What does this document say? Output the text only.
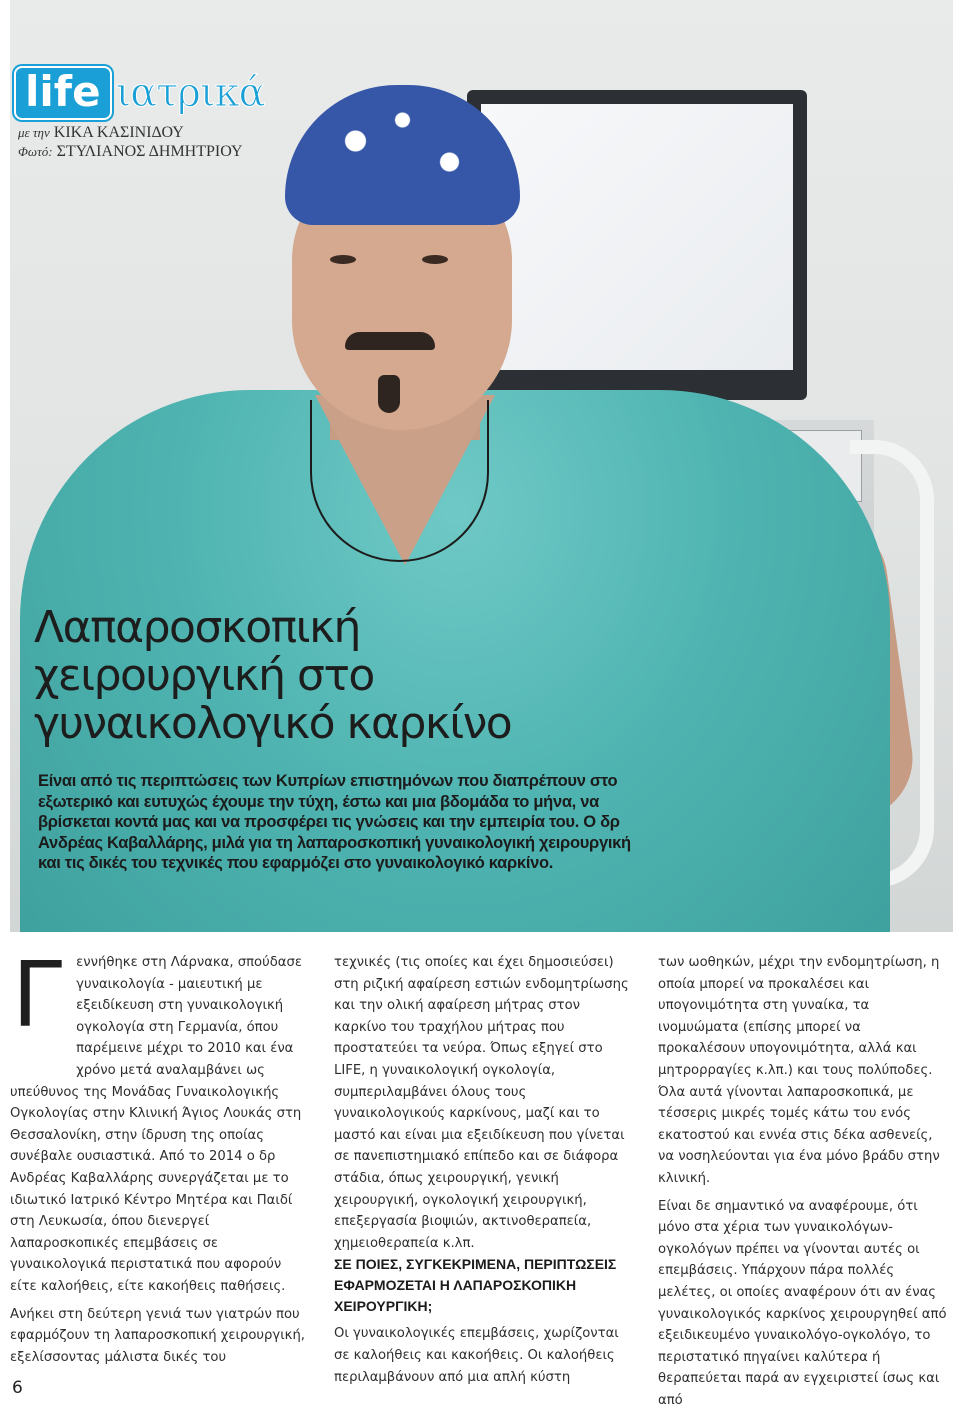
life ιατρικά
με την ΚΙΚΑ ΚΑΣΙΝΙΔΟΥ
Φωτό: ΣΤΥΛΙΑΝΟΣ ΔΗΜΗΤΡΙΟΥ
Λαπαροσκοπική
χειρουργική στο
γυναικολογικό καρκίνο
Είναι από τις περιπτώσεις των Κυπρίων επιστημόνων που διαπρέπουν στο εξωτερικό και ευτυχώς έχουμε την τύχη, έστω και μια βδομάδα το μήνα, να βρίσκεται κοντά μας και να προσφέρει τις γνώσεις και την εμπειρία του. Ο δρ Ανδρέας Καβαλλάρης, μιλά για τη λαπαροσκοπική γυναικολογική χειρουργική και τις δικές του τεχνικές που εφαρμόζει στο γυναικολογικό καρκίνο.

Γ εννήθηκε στη Λάρνακα, σπούδασε γυναικολογία - μαιευτική με εξειδίκευση στη γυναικολογική ογκολογία στη Γερμανία, όπου παρέμεινε μέχρι το 2010 και ένα χρόνο μετά αναλαμβάνει ως υπεύθυνος της Μονάδας Γυναικολογικής Ογκολογίας στην Κλινική Άγιος Λουκάς στη Θεσσαλονίκη, στην ίδρυση της οποίας συνέβαλε ουσιαστικά. Από το 2014 ο δρ Ανδρέας Καβαλλάρης συνεργάζεται με το ιδιωτικό Ιατρικό Κέντρο Μητέρα και Παιδί στη Λευκωσία, όπου διενεργεί λαπαροσκοπικές επεμβάσεις σε γυναικολογικά περιστατικά που αφορούν είτε καλοήθεις, είτε κακοήθεις παθήσεις.

Ανήκει στη δεύτερη γενιά των γιατρών που εφαρμόζουν τη λαπαροσκοπική χειρουργική, εξελίσσοντας μάλιστα δικές του

τεχνικές (τις οποίες και έχει δημοσιεύσει) στη ριζική αφαίρεση εστιών ενδομητρίωσης και την ολική αφαίρεση μήτρας στον καρκίνο του τραχήλου μήτρας που προστατεύει τα νεύρα. Όπως εξηγεί στο LIFE, η γυναικολογική ογκολογία, συμπεριλαμβάνει όλους τους γυναικολογικούς καρκίνους, μαζί και το μαστό και είναι μια εξειδίκευση που γίνεται σε πανεπιστημιακό επίπεδο και σε διάφορα στάδια, όπως χειρουργική, γενική χειρουργική, ογκολογική χειρουργική, επεξεργασία βιοψιών, ακτινοθεραπεία, χημειοθεραπεία κ.λπ.

ΣΕ ΠΟΙΕΣ, ΣΥΓΚΕΚΡΙΜΕΝΑ, ΠΕΡΙΠΤΩΣΕΙΣ ΕΦΑΡΜΟΖΕΤΑΙ Η ΛΑΠΑΡΟΣΚΟΠΙΚΗ ΧΕΙΡΟΥΡΓΙΚΗ;

Οι γυναικολογικές επεμβάσεις, χωρίζονται σε καλοήθεις και κακοήθεις. Οι καλοήθεις περιλαμβάνουν από μια απλή κύστη

των ωοθηκών, μέχρι την ενδομητρίωση, η οποία μπορεί να προκαλέσει και υπογονιμότητα στη γυναίκα, τα ινομυώματα (επίσης μπορεί να προκαλέσουν υπογονιμότητα, αλλά και μητρορραγίες κ.λπ.) και τους πολύποδες. Όλα αυτά γίνονται λαπαροσκοπικά, με τέσσερις μικρές τομές κάτω του ενός εκατοστού και εννέα στις δέκα ασθενείς, να νοσηλεύονται για ένα μόνο βράδυ στην κλινική.

Είναι δε σημαντικό να αναφέρουμε, ότι μόνο στα χέρια των γυναικολόγων-ογκολόγων πρέπει να γίνονται αυτές οι επεμβάσεις. Υπάρχουν πάρα πολλές μελέτες, οι οποίες αναφέρουν ότι αν ένας γυναικολογικός καρκίνος χειρουργηθεί από εξειδικευμένο γυναικολόγο-ογκολόγο, το περιστατικό πηγαίνει καλύτερα ή θεραπεύεται παρά αν εγχειριστεί ίσως και από

6
